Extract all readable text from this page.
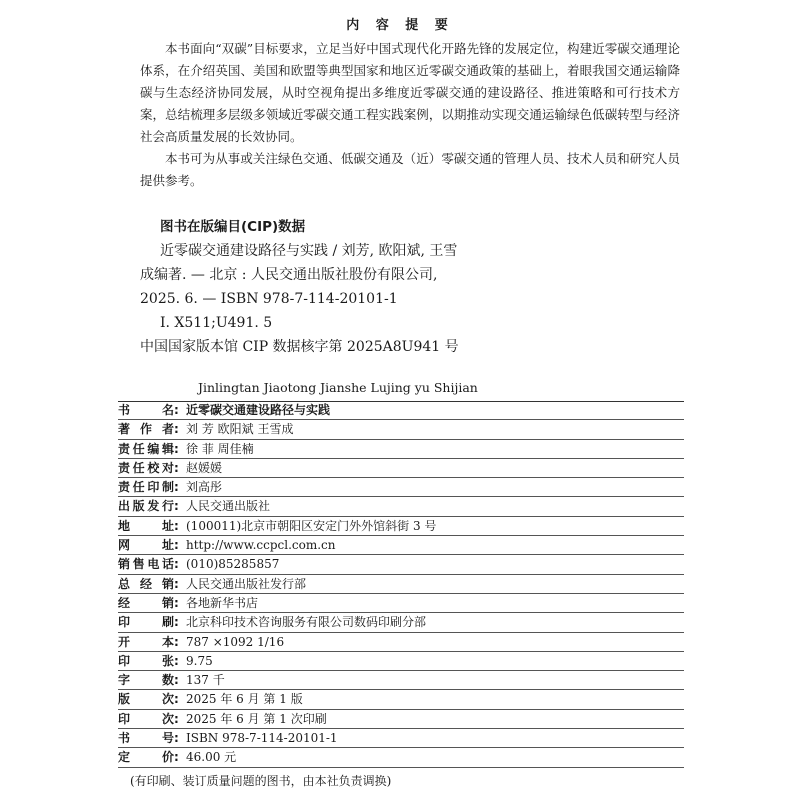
内 容 提 要

本书面向“双碳”目标要求，立足当好中国式现代化开路先锋的发展定位，构建近零碳交通理论体系，在介绍英国、美国和欧盟等典型国家和地区近零碳交通政策的基础上，着眼我国交通运输降碳与生态经济协同发展，从时空视角提出多维度近零碳交通的建设路径、推进策略和可行技术方案，总结梳理多层级多领域近零碳交通工程实践案例，以期推动实现交通运输绿色低碳转型与经济社会高质量发展的长效协同。

本书可为从事或关注绿色交通、低碳交通及（近）零碳交通的管理人员、技术人员和研究人员提供参考。

图书在版编目(CIP)数据
近零碳交通建设路径与实践 / 刘芳, 欧阳斌, 王雪
成编著. — 北京 : 人民交通出版社股份有限公司,
2025. 6. — ISBN 978-7-114-20101-1
Ⅰ. X511;U491. 5
中国国家版本馆 CIP 数据核字第 2025A8U941 号
Jinlingtan Jiaotong Jianshe Lujing yu Shijian
书名 : 近零碳交通建设路径与实践
著作者 : 刘 芳 欧阳斌 王雪成
责任编辑 : 徐 菲 周佳楠
责任校对 : 赵媛媛
责任印制 : 刘高彤
出版发行 : 人民交通出版社
地址 : (100011)北京市朝阳区安定门外外馆斜街 3 号
网址 : http://www.ccpcl.com.cn
销售电话 : (010)85285857
总经销 : 人民交通出版社发行部
经销 : 各地新华书店
印刷 : 北京科印技术咨询服务有限公司数码印刷分部
开本 : 787 ×1092 1/16
印张 : 9.75
字数 : 137 千
版次 : 2025 年 6 月 第 1 版
印次 : 2025 年 6 月 第 1 次印刷
书号 : ISBN 978-7-114-20101-1
定价 : 46.00 元
(有印刷、装订质量问题的图书，由本社负责调换)
